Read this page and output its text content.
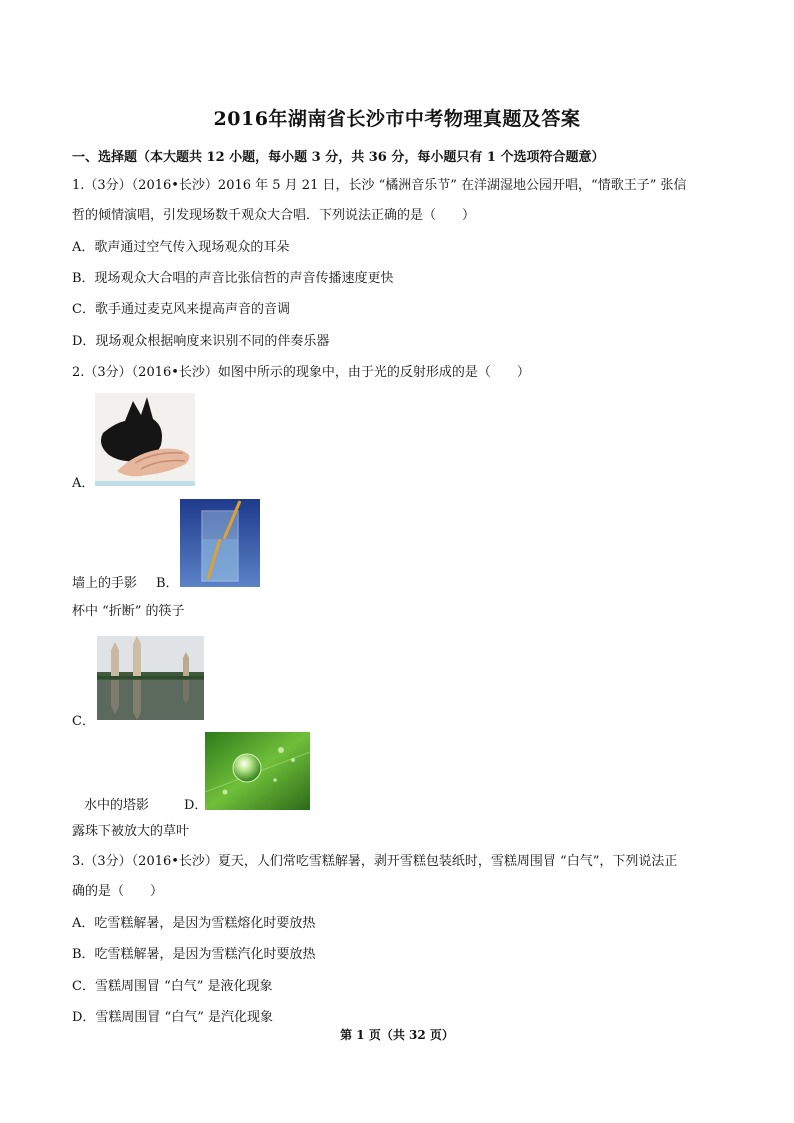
2016年湖南省长沙市中考物理真题及答案
一、选择题（本大题共 12 小题，每小题 3 分，共 36 分，每小题只有 1 个选项符合题意）
1.（3分）（2016•长沙）2016 年 5 月 21 日，长沙 “橘洲音乐节” 在洋湖湿地公园开唱，“情歌王子” 张信
哲的倾情演唱，引发现场数千观众大合唱．下列说法正确的是（　　）
A．歌声通过空气传入现场观众的耳朵
B．现场观众大合唱的声音比张信哲的声音传播速度更快
C．歌手通过麦克风来提高声音的音调
D．现场观众根据响度来识别不同的伴奏乐器
2.（3分）（2016•长沙）如图中所示的现象中，由于光的反射形成的是（　　）
A．
墙上的手影 B．
杯中 “折断” 的筷子
C．
水中的塔影	D．
露珠下被放大的草叶
3.（3分）（2016•长沙）夏天，人们常吃雪糕解暑，剥开雪糕包装纸时，雪糕周围冒 “白气”，下列说法正
确的是（　　）
A．吃雪糕解暑，是因为雪糕熔化时要放热
B．吃雪糕解暑，是因为雪糕汽化时要放热
C．雪糕周围冒 “白气” 是液化现象
D．雪糕周围冒 “白气” 是汽化现象
第 1 页（共 32 页）
